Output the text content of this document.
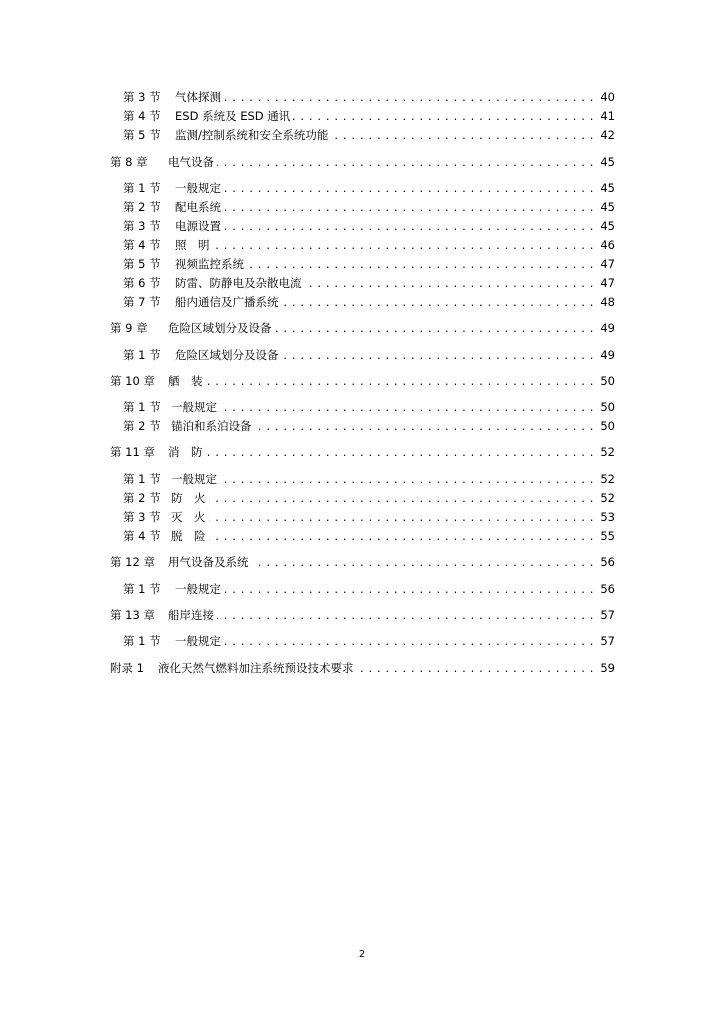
第 3 节 . . . 气体探测	40
第 4 节 . . . ESD 系统及 ESD 通讯	41
第 5 节 . . . 监测/控制系统和安全系统功能	42
第 8 章 . . . 电气设备	45
第 1 节 . . . 一般规定	45
第 2 节 . . . 配电系统	45
第 3 节 . . . 电源设置	45
第 4 节 . . . 照　明	46
第 5 节 . . . 视频监控系统	47
第 6 节 . . . 防雷、防静电及杂散电流	47
第 7 节 . . . 船内通信及广播系统	48
第 9 章 . . . 危险区域划分及设备	49
第 1 节 . . . 危险区域划分及设备	49
第 10 章 . . . 舾　装	50
第 1 节 . . . 一般规定	50
第 2 节 . . . 锚泊和系泊设备	50
第 11 章 . . . 消　防	52
第 1 节 . . . 一般规定	52
第 2 节 . . . 防　火	52
第 3 节 . . . 灭　火	53
第 4 节 . . . 脱　险	55
第 12 章 . . . 用气设备及系统	56
第 1 节 . . . 一般规定	56
第 13 章 . . . 船岸连接	57
第 1 节 . . . 一般规定	57
附录 1 . . . 液化天然气燃料加注系统预设技术要求	59
2
